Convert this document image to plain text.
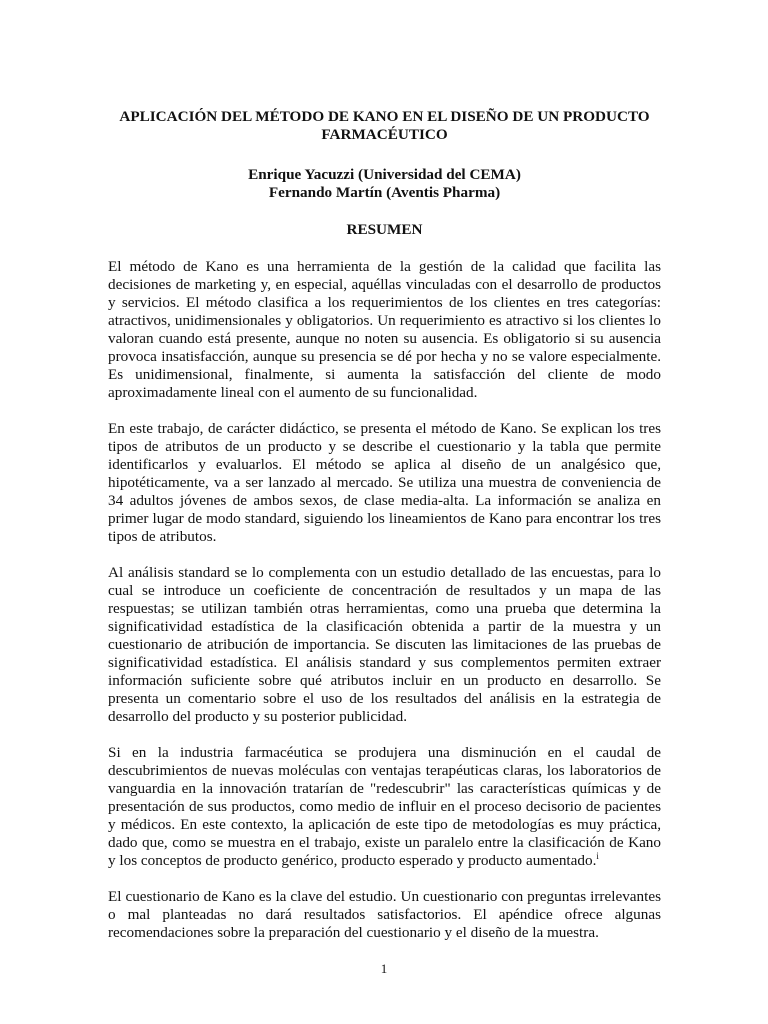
APLICACIÓN DEL MÉTODO DE KANO EN EL DISEÑO DE UN PRODUCTO
FARMACÉUTICO
Enrique Yacuzzi (Universidad del CEMA)
Fernando Martín (Aventis Pharma)
RESUMEN

El método de Kano es una herramienta de la gestión de la calidad que facilita las decisiones de marketing y, en especial, aquéllas vinculadas con el desarrollo de productos y servicios. El método clasifica a los requerimientos de los clientes en tres categorías: atractivos, unidimensionales y obligatorios. Un requerimiento es atractivo si los clientes lo valoran cuando está presente, aunque no noten su ausencia. Es obligatorio si su ausencia provoca insatisfacción, aunque su presencia se dé por hecha y no se valore especialmente. Es unidimensional, finalmente, si aumenta la satisfacción del cliente de modo aproximadamente lineal con el aumento de su funcionalidad.

En este trabajo, de carácter didáctico, se presenta el método de Kano. Se explican los tres tipos de atributos de un producto y se describe el cuestionario y la tabla que permite identificarlos y evaluarlos. El método se aplica al diseño de un analgésico que, hipotéticamente, va a ser lanzado al mercado. Se utiliza una muestra de conveniencia de 34 adultos jóvenes de ambos sexos, de clase media-alta. La información se analiza en primer lugar de modo standard, siguiendo los lineamientos de Kano para encontrar los tres tipos de atributos.

Al análisis standard se lo complementa con un estudio detallado de las encuestas, para lo cual se introduce un coeficiente de concentración de resultados y un mapa de las respuestas; se utilizan también otras herramientas, como una prueba que determina la significatividad estadística de la clasificación obtenida a partir de la muestra y un cuestionario de atribución de importancia. Se discuten las limitaciones de las pruebas de significatividad estadística. El análisis standard y sus complementos permiten extraer información suficiente sobre qué atributos incluir en un producto en desarrollo. Se presenta un comentario sobre el uso de los resultados del análisis en la estrategia de desarrollo del producto y su posterior publicidad.

Si en la industria farmacéutica se produjera una disminución en el caudal de descubrimientos de nuevas moléculas con ventajas terapéuticas claras, los laboratorios de vanguardia en la innovación tratarían de "redescubrir" las características químicas y de presentación de sus productos, como medio de influir en el proceso decisorio de pacientes y médicos. En este contexto, la aplicación de este tipo de metodologías es muy práctica, dado que, como se muestra en el trabajo, existe un paralelo entre la clasificación de Kano y los conceptos de producto genérico, producto esperado y producto aumentado.$^i$

El cuestionario de Kano es la clave del estudio. Un cuestionario con preguntas irrelevantes o mal planteadas no dará resultados satisfactorios. El apéndice ofrece algunas recomendaciones sobre la preparación del cuestionario y el diseño de la muestra.

1
